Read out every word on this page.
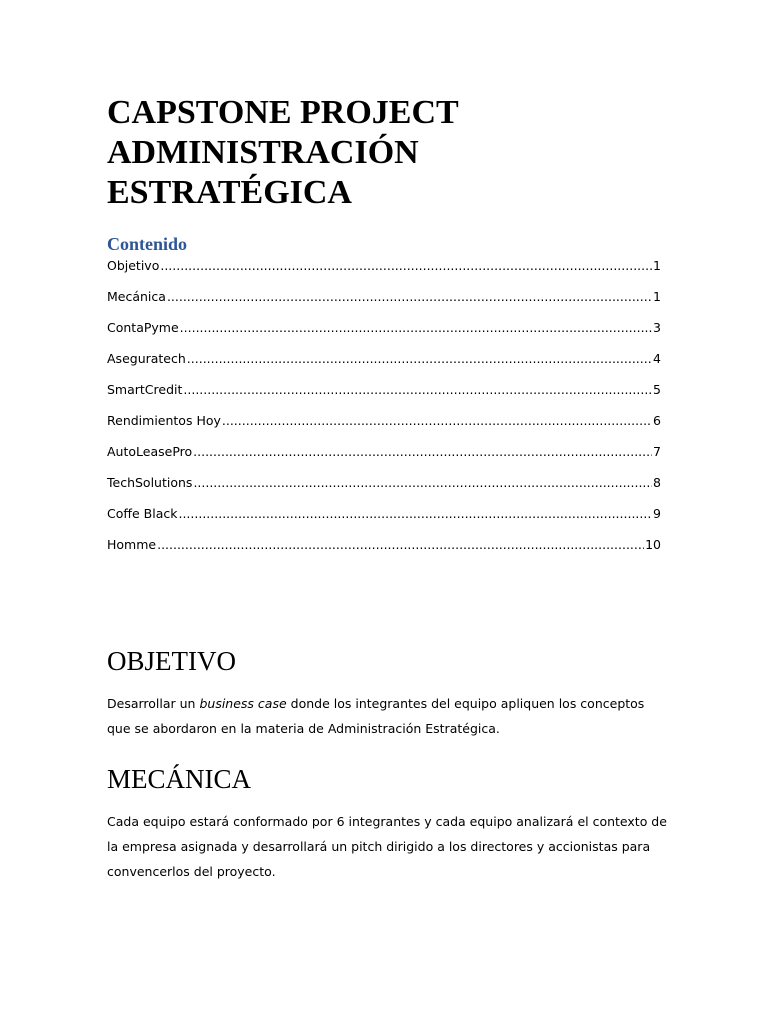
CAPSTONE PROJECT
ADMINISTRACIÓN
ESTRATÉGICA
Contenido
Objetivo .....	1
Mecánica .....	1
ContaPyme .....	3
Aseguratech .....	4
SmartCredit .....	5
Rendimientos Hoy .....	6
AutoLeasePro .....	7
TechSolutions .....	8
Coffe Black .....	9
Homme .....	10
OBJETIVO

Desarrollar un business case donde los integrantes del equipo apliquen los conceptos que se abordaron en la materia de Administración Estratégica.

MECÁNICA

Cada equipo estará conformado por 6 integrantes y cada equipo analizará el contexto de la empresa asignada y desarrollará un pitch dirigido a los directores y accionistas para convencerlos del proyecto.
